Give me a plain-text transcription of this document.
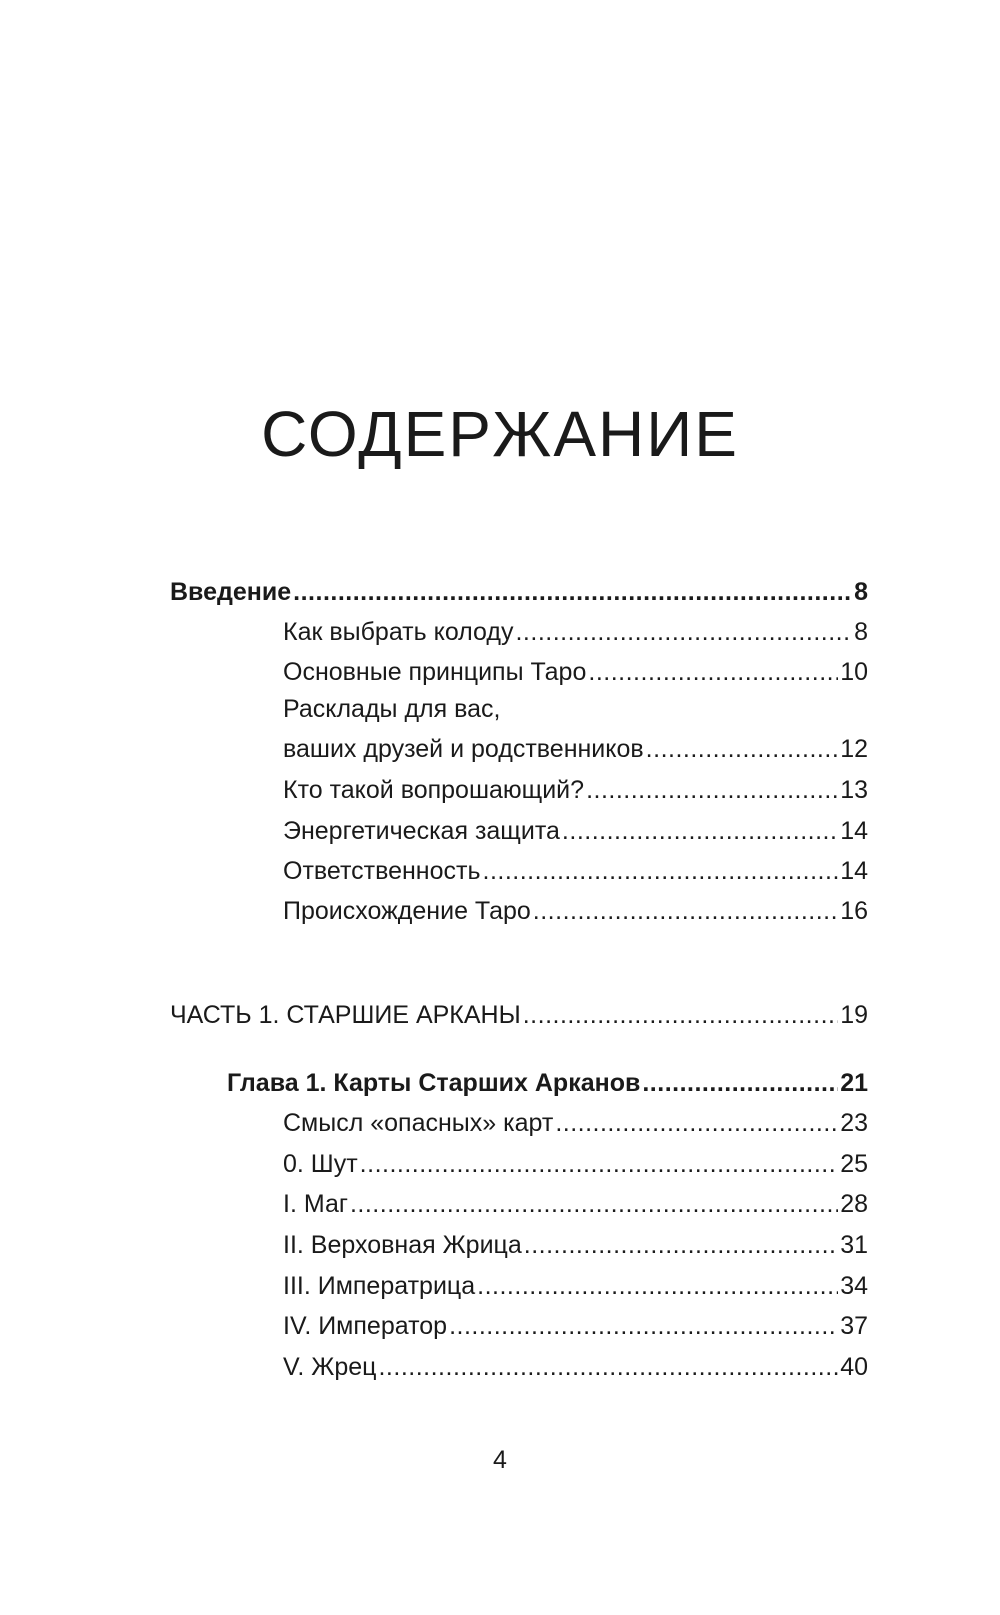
СОДЕРЖАНИЕ
Введение .....	8
Как выбрать колоду .....	8
Основные принципы Таро .....	10
Расклады для вас,
ваших друзей и родственников .....	12
Кто такой вопрошающий? .....	13
Энергетическая защита .....	14
Ответственность .....	14
Происхождение Таро .....	16
ЧАСТЬ 1. СТАРШИЕ АРКАНЫ .....	19
Глава 1. Карты Старших Арканов .....	21
Смысл «опасных» карт .....	23
0. Шут .....	25
I. Маг .....	28
II. Верховная Жрица .....	31
III. Императрица .....	34
IV. Император .....	37
V. Жрец .....	40
4
